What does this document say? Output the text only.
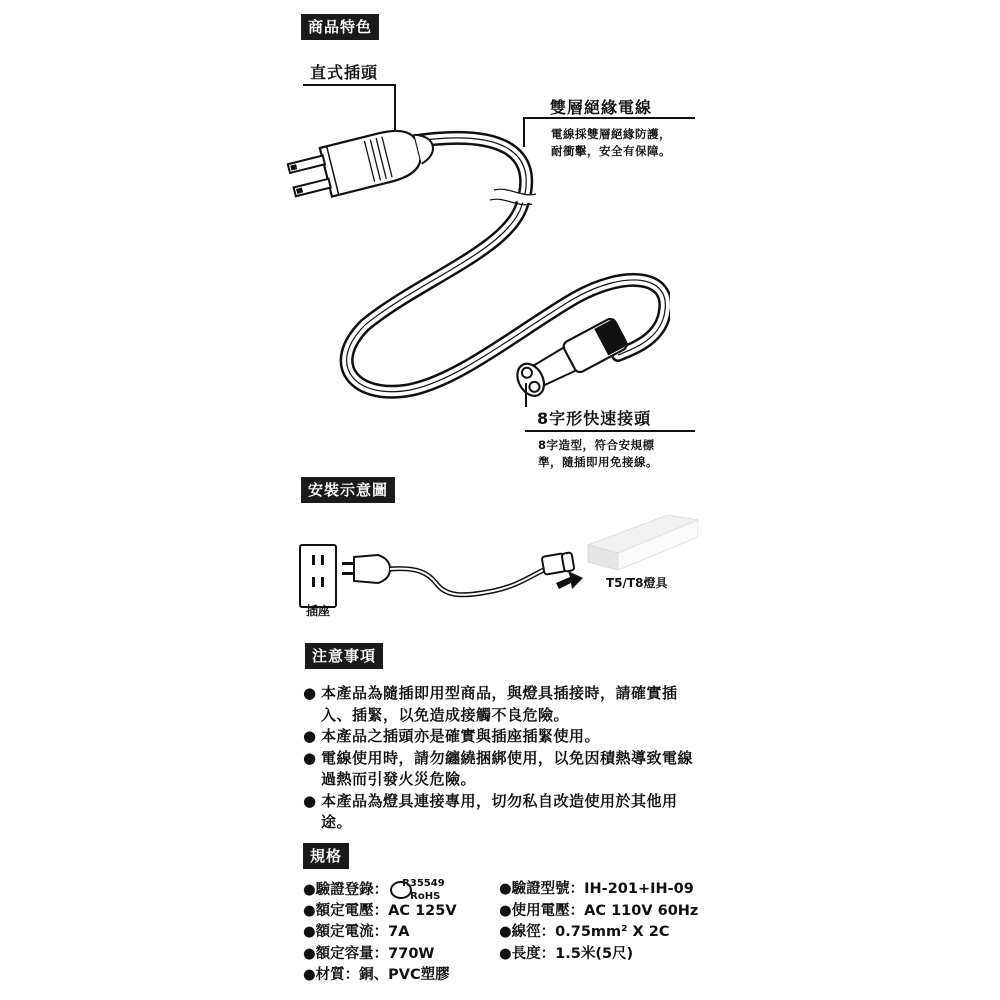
商品特色
直式插頭
雙層絕緣電線
電線採雙層絕緣防護，
耐衝擊，安全有保障。
8字形快速接頭
8字造型，符合安規標
準，隨插即用免接線。
安裝示意圖
插座
T5/T8燈具
注意事項
● 本產品為隨插即用型商品，與燈具插接時，請確實插入、插緊，以免造成接觸不良危險。
● 本產品之插頭亦是確實與插座插緊使用。
● 電線使用時，請勿纏繞捆綁使用，以免因積熱導致電線過熱而引發火災危險。
● 本產品為燈具連接專用，切勿私自改造使用於其他用途。
規格
●驗證登錄： R35549
RoHS
●額定電壓：AC 125V
●額定電流：7A
●額定容量：770W
●材質：銅、PVC塑膠
●驗證型號：IH-201+IH-09
●使用電壓：AC 110V 60Hz
●線徑：0.75mm² X 2C
●長度：1.5米(5尺)
